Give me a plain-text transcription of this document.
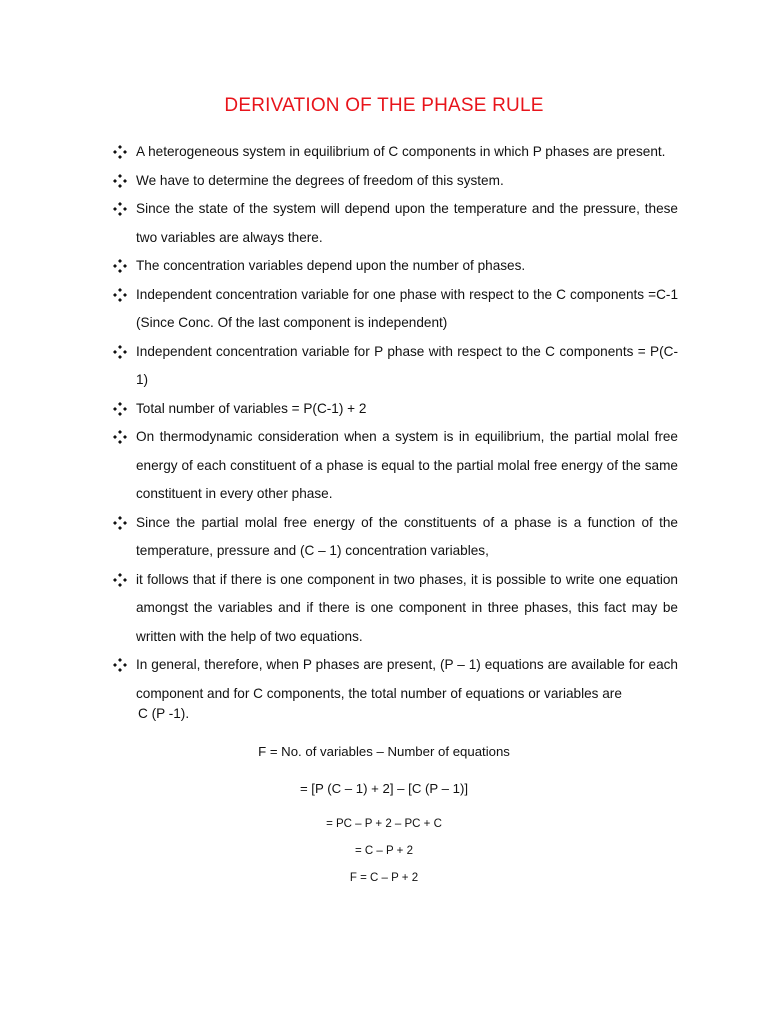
DERIVATION OF THE PHASE RULE
A heterogeneous system in equilibrium of C components in which P phases are present.
We have to determine the degrees of freedom of this system.
Since the state of the system will depend upon the temperature and the pressure, these two variables are always there.
The concentration variables depend upon the number of phases.
Independent concentration variable for one phase with respect to the C components =C-1 (Since Conc. Of the last component is independent)
Independent concentration variable for P phase with respect to the C components = P(C-1)
Total number of variables = P(C-1) + 2
On thermodynamic consideration when a system is in equilibrium, the partial molal free energy of each constituent of a phase is equal to the partial molal free energy of the same constituent in every other phase.
Since the partial molal free energy of the constituents of a phase is a function of the temperature, pressure and (C – 1) concentration variables,
it follows that if there is one component in two phases, it is possible to write one equation amongst the variables and if there is one component in three phases, this fact may be written with the help of two equations.
In general, therefore, when P phases are present, (P – 1) equations are available for each component and for C components, the total number of equations or variables are
C (P -1).
F = No. of variables – Number of equations
= [P (C – 1) + 2] – [C (P – 1)]
= PC – P + 2 – PC + C
= C – P + 2
F = C – P + 2
